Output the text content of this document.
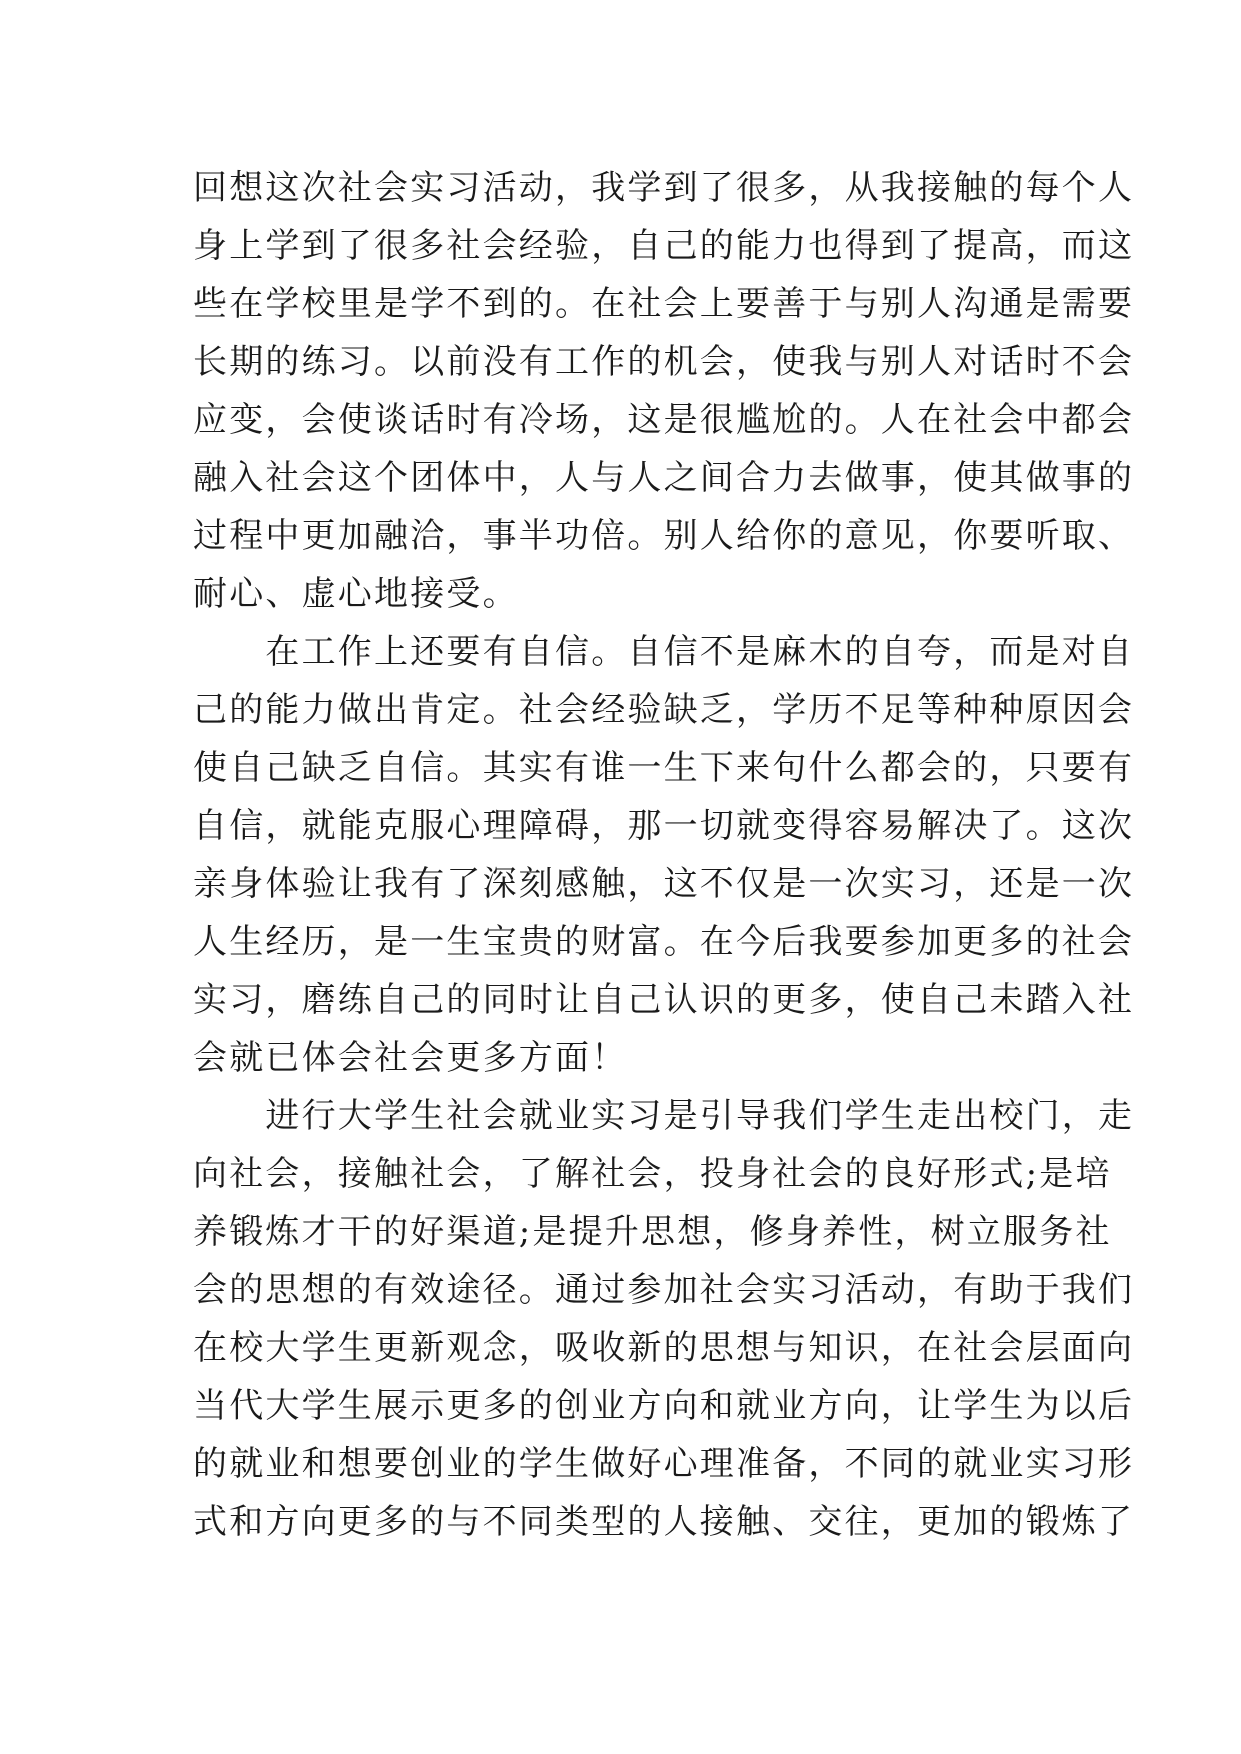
回想这次社会实习活动，我学到了很多，从我接触的每个人
身上学到了很多社会经验，自己的能力也得到了提高，而这
些在学校里是学不到的。在社会上要善于与别人沟通是需要
长期的练习。以前没有工作的机会，使我与别人对话时不会
应变，会使谈话时有冷场，这是很尴尬的。人在社会中都会
融入社会这个团体中，人与人之间合力去做事，使其做事的
过程中更加融洽，事半功倍。别人给你的意见，你要听取、
耐心、虚心地接受。
　　在工作上还要有自信。自信不是麻木的自夸，而是对自
己的能力做出肯定。社会经验缺乏，学历不足等种种原因会
使自己缺乏自信。其实有谁一生下来句什么都会的，只要有
自信，就能克服心理障碍，那一切就变得容易解决了。这次
亲身体验让我有了深刻感触，这不仅是一次实习，还是一次
人生经历，是一生宝贵的财富。在今后我要参加更多的社会
实习，磨练自己的同时让自己认识的更多，使自己未踏入社
会就已体会社会更多方面！
　　进行大学生社会就业实习是引导我们学生走出校门，走
向社会，接触社会，了解社会，投身社会的良好形式;是培
养锻炼才干的好渠道;是提升思想，修身养性，树立服务社
会的思想的有效途径。通过参加社会实习活动，有助于我们
在校大学生更新观念，吸收新的思想与知识，在社会层面向
当代大学生展示更多的创业方向和就业方向，让学生为以后
的就业和想要创业的学生做好心理准备，不同的就业实习形
式和方向更多的与不同类型的人接触、交往，更加的锻炼了
